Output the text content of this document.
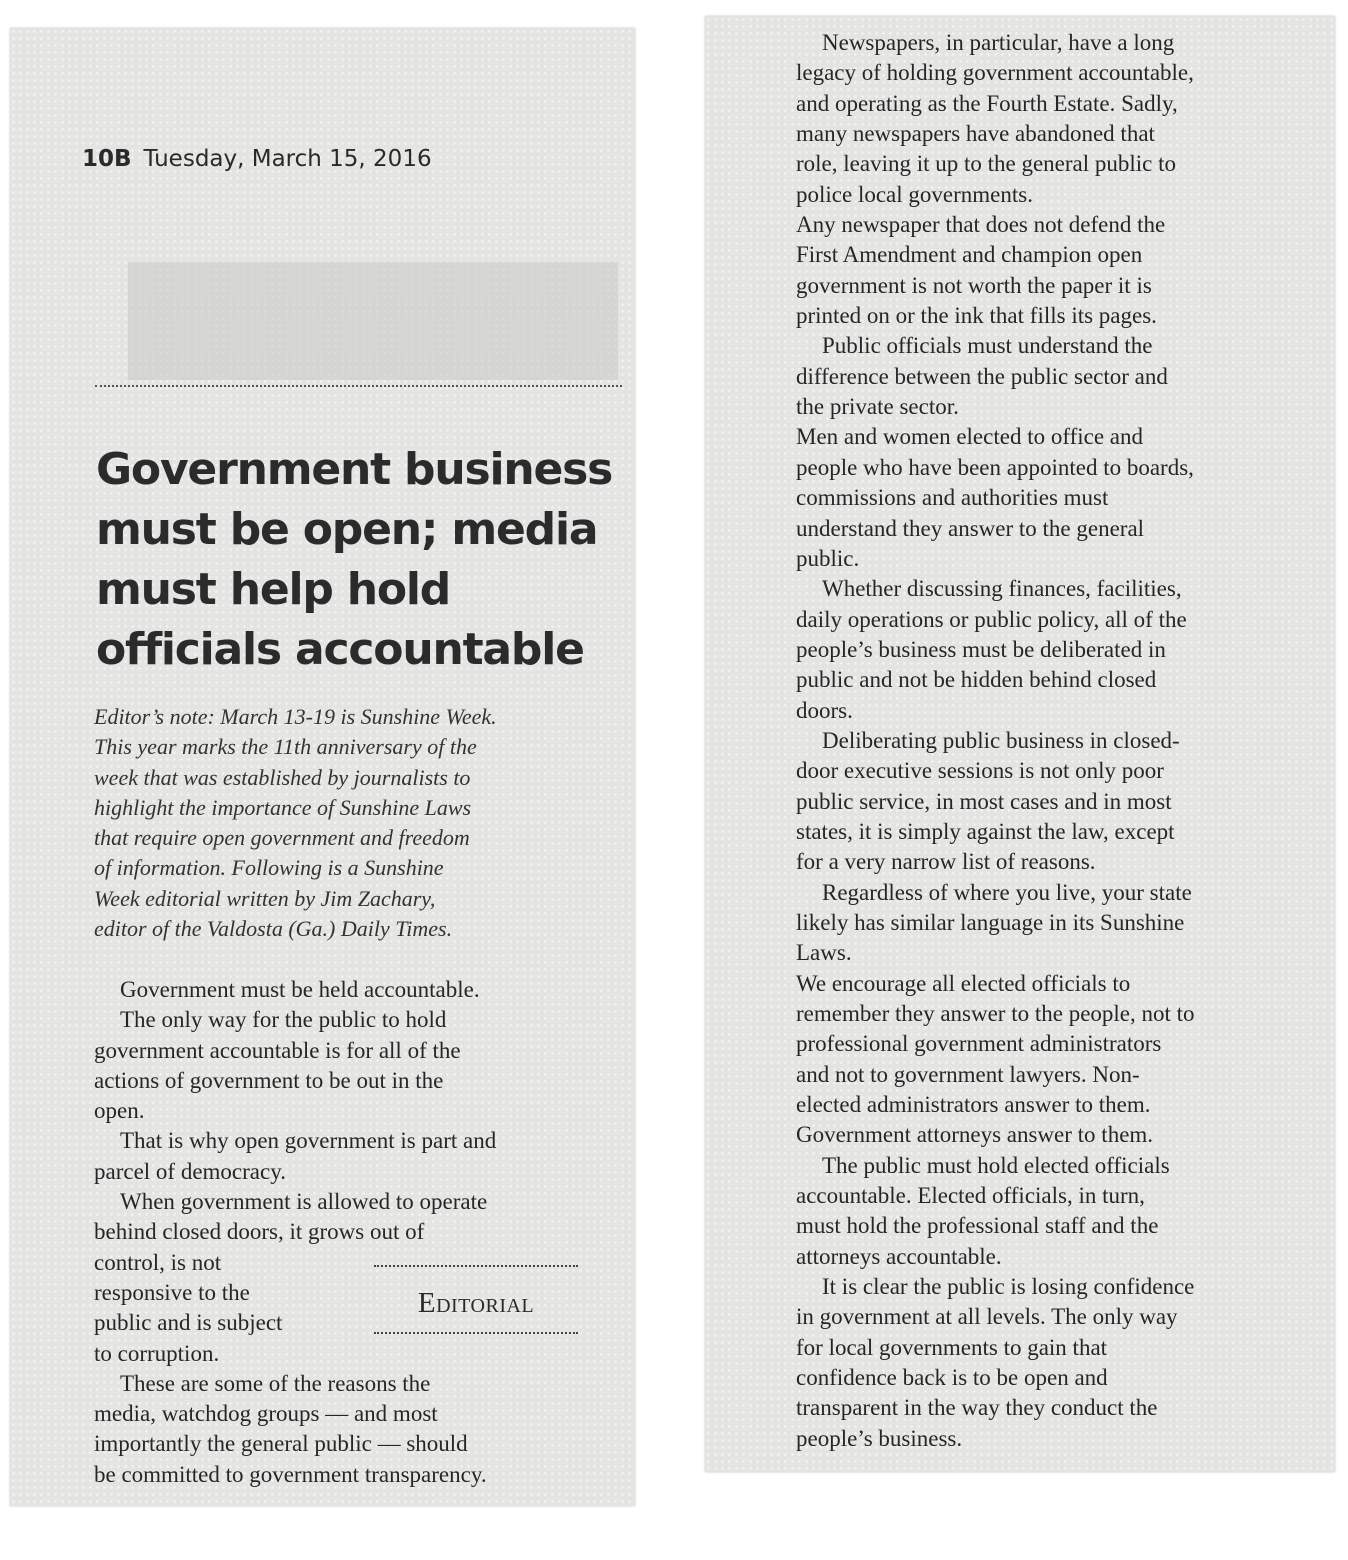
10B Tuesday, March 15, 2016
Government business
must be open; media
must help hold
officials accountable
Editor’s note: March 13-19 is Sunshine Week.
This year marks the 11th anniversary of the
week that was established by journalists to
highlight the importance of Sunshine Laws
that require open government and freedom
of information. Following is a Sunshine
Week editorial written by Jim Zachary,
editor of the Valdosta (Ga.) Daily Times.
Government must be held accountable.
The only way for the public to hold
government accountable is for all of the
actions of government to be out in the
open.
That is why open government is part and
parcel of democracy.
When government is allowed to operate
behind closed doors, it grows out of
control, is not
responsive to the
public and is subject
to corruption.
These are some of the reasons the
media, watchdog groups — and most
importantly the general public — should
be committed to government transparency.
Editorial
Newspapers, in particular, have a long
legacy of holding government accountable,
and operating as the Fourth Estate. Sadly,
many newspapers have abandoned that
role, leaving it up to the general public to
police local governments.
Any newspaper that does not defend the
First Amendment and champion open
government is not worth the paper it is
printed on or the ink that fills its pages.
Public officials must understand the
difference between the public sector and
the private sector.
Men and women elected to office and
people who have been appointed to boards,
commissions and authorities must
understand they answer to the general
public.
Whether discussing finances, facilities,
daily operations or public policy, all of the
people’s business must be deliberated in
public and not be hidden behind closed
doors.
Deliberating public business in closed-
door executive sessions is not only poor
public service, in most cases and in most
states, it is simply against the law, except
for a very narrow list of reasons.
Regardless of where you live, your state
likely has similar language in its Sunshine
Laws.
We encourage all elected officials to
remember they answer to the people, not to
professional government administrators
and not to government lawyers. Non-
elected administrators answer to them.
Government attorneys answer to them.
The public must hold elected officials
accountable. Elected officials, in turn,
must hold the professional staff and the
attorneys accountable.
It is clear the public is losing confidence
in government at all levels. The only way
for local governments to gain that
confidence back is to be open and
transparent in the way they conduct the
people’s business.
